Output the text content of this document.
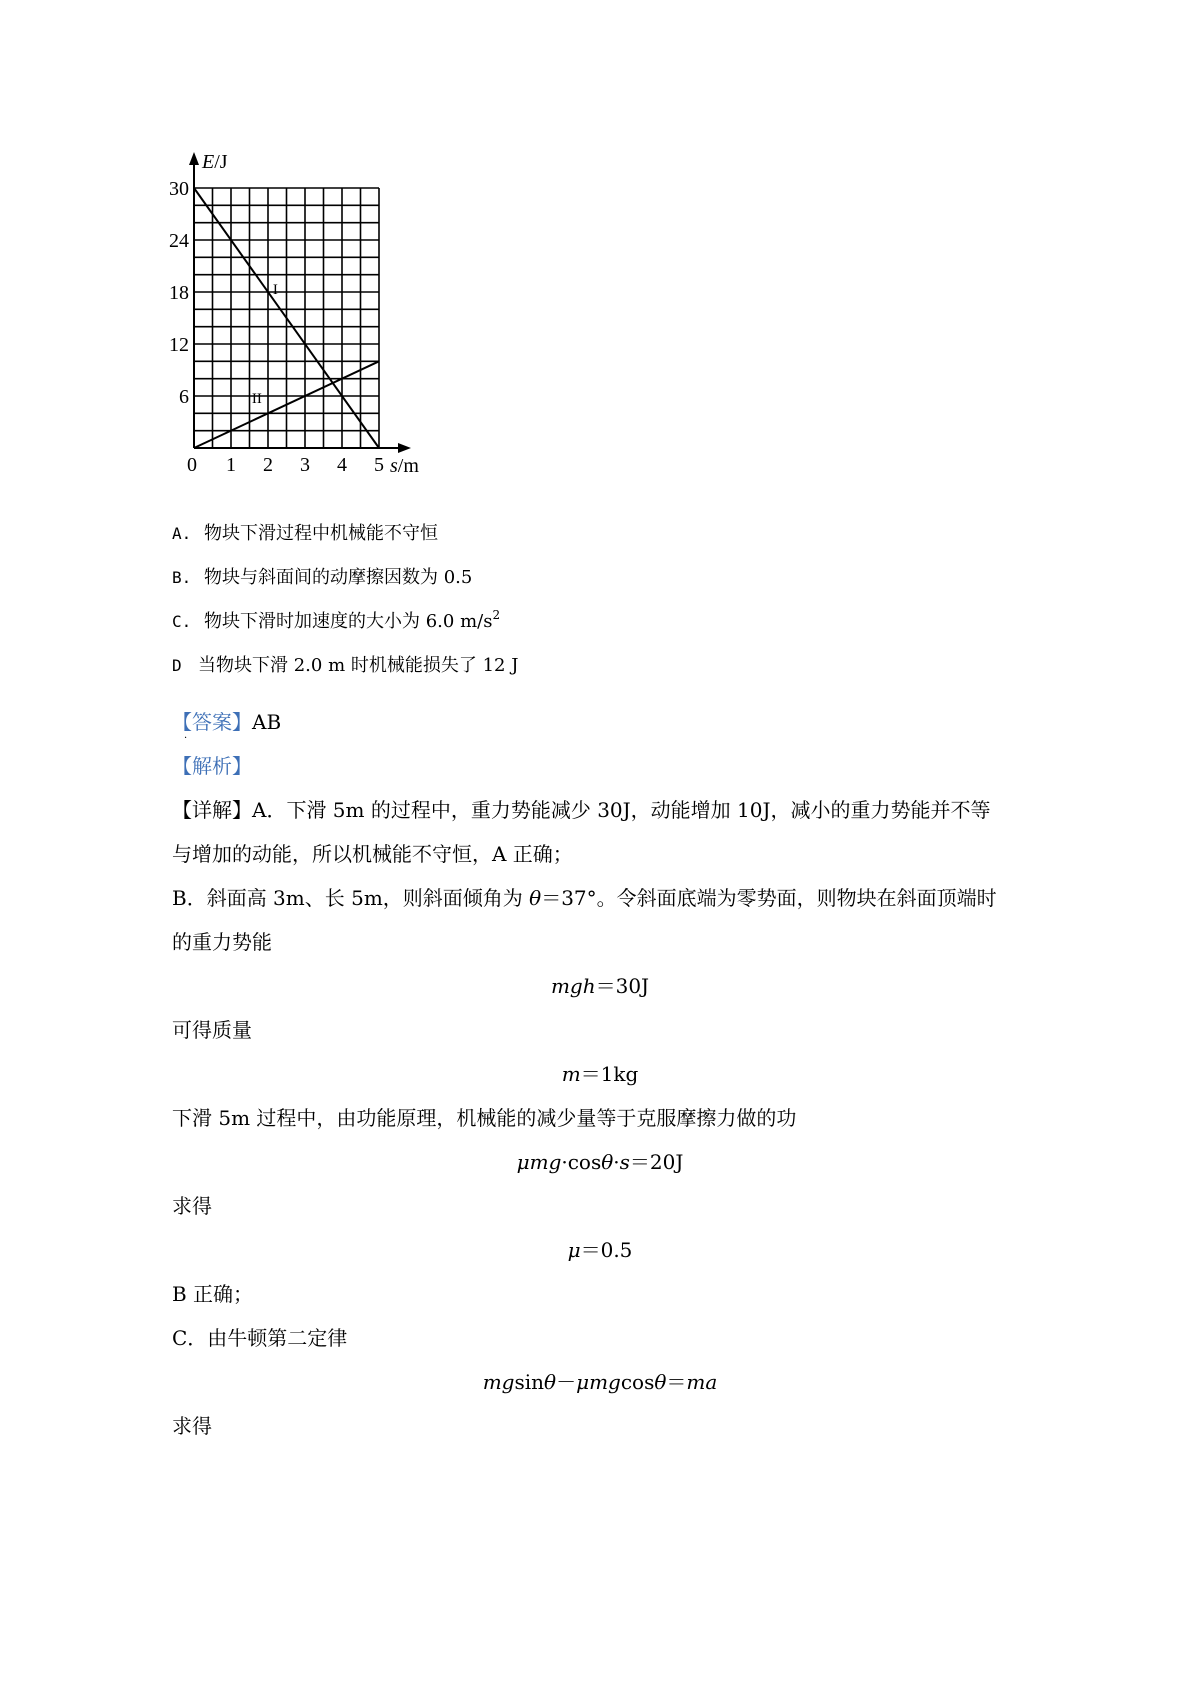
E/J
s/m
30
24
18
12
6
0 1 2 3 4 5
I
II
A. 物块下滑过程中机械能不守恒
B. 物块与斜面间的动摩擦因数为 0.5
C. 物块下滑时加速度的大小为 6.0 $m/s^2$
D 当物块下滑 2.0 m 时机械能损失了 12 J
·
【答案】AB
【解析】
【详解】A．下滑 5m 的过程中，重力势能减少 30J，动能增加 10J，减小的重力势能并不等
与增加的动能，所以机械能不守恒，A 正确；
B．斜面高 3m、长 5m，则斜面倾角为 θ＝37°。令斜面底端为零势面，则物块在斜面顶端时
的重力势能
mgh＝30J
可得质量
m＝1kg
下滑 5m 过程中，由功能原理，机械能的减少量等于克服摩擦力做的功
μmg·cosθ·s＝20J
求得
μ＝0.5
B 正确；
C．由牛顿第二定律
mgsinθ－μmgcosθ＝ma
求得
